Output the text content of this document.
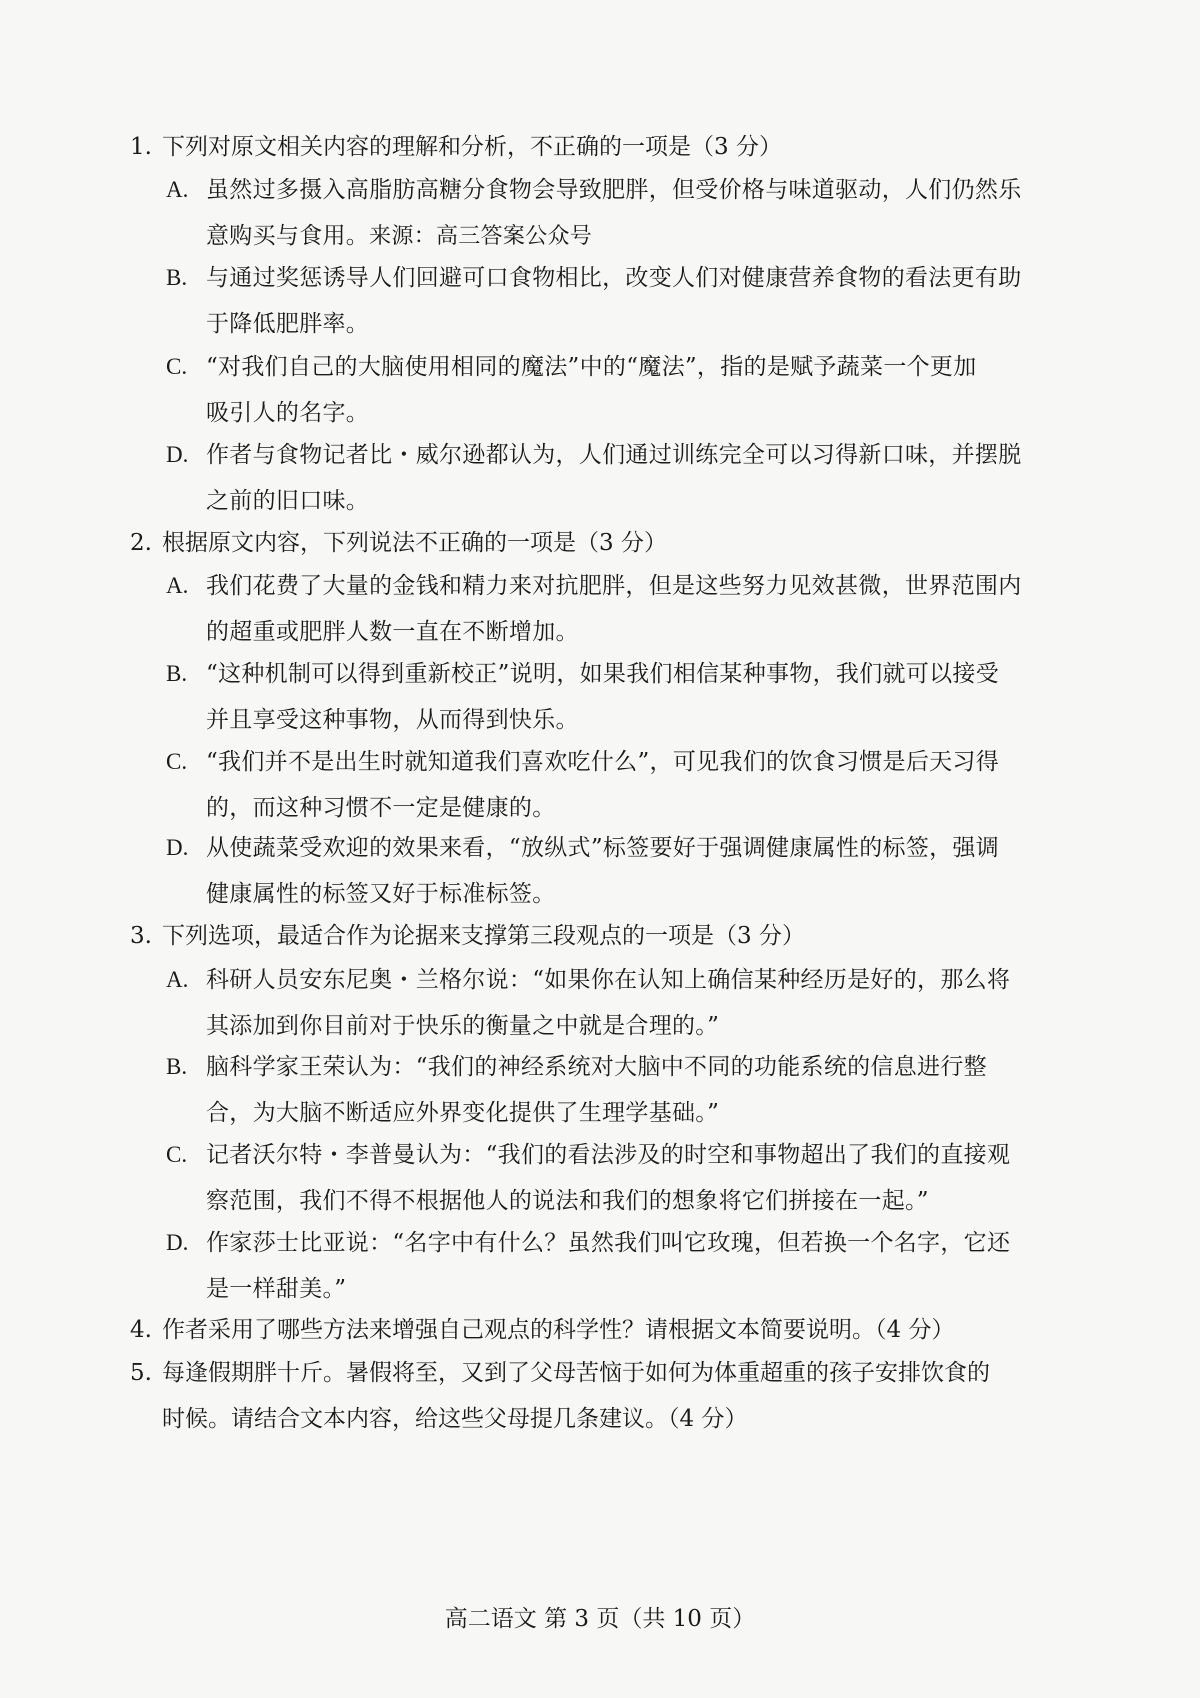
1. 下列对原文相关内容的理解和分析，不正确的一项是（3 分）
A. 虽然过多摄入高脂肪高糖分食物会导致肥胖，但受价格与味道驱动，人们仍然乐
意购买与食用。来源：高三答案公众号
B. 与通过奖惩诱导人们回避可口食物相比，改变人们对健康营养食物的看法更有助
于降低肥胖率。
C. “对我们自己的大脑使用相同的魔法”中的“魔法”，指的是赋予蔬菜一个更加
吸引人的名字。
D. 作者与食物记者比・威尔逊都认为，人们通过训练完全可以习得新口味，并摆脱
之前的旧口味。
2. 根据原文内容，下列说法不正确的一项是（3 分）
A. 我们花费了大量的金钱和精力来对抗肥胖，但是这些努力见效甚微，世界范围内
的超重或肥胖人数一直在不断增加。
B. “这种机制可以得到重新校正”说明，如果我们相信某种事物，我们就可以接受
并且享受这种事物，从而得到快乐。
C. “我们并不是出生时就知道我们喜欢吃什么”，可见我们的饮食习惯是后天习得
的，而这种习惯不一定是健康的。
D. 从使蔬菜受欢迎的效果来看，“放纵式”标签要好于强调健康属性的标签，强调
健康属性的标签又好于标准标签。
3. 下列选项，最适合作为论据来支撑第三段观点的一项是（3 分）
A. 科研人员安东尼奥・兰格尔说：“如果你在认知上确信某种经历是好的，那么将
其添加到你目前对于快乐的衡量之中就是合理的。”
B. 脑科学家王荣认为：“我们的神经系统对大脑中不同的功能系统的信息进行整
合，为大脑不断适应外界变化提供了生理学基础。”
C. 记者沃尔特・李普曼认为：“我们的看法涉及的时空和事物超出了我们的直接观
察范围，我们不得不根据他人的说法和我们的想象将它们拼接在一起。”
D. 作家莎士比亚说：“名字中有什么？虽然我们叫它玫瑰，但若换一个名字，它还
是一样甜美。”
4. 作者采用了哪些方法来增强自己观点的科学性？请根据文本简要说明。（4 分）
5. 每逢假期胖十斤。暑假将至，又到了父母苦恼于如何为体重超重的孩子安排饮食的
时候。请结合文本内容，给这些父母提几条建议。（4 分）
高二语文 第 3 页（共 10 页）
